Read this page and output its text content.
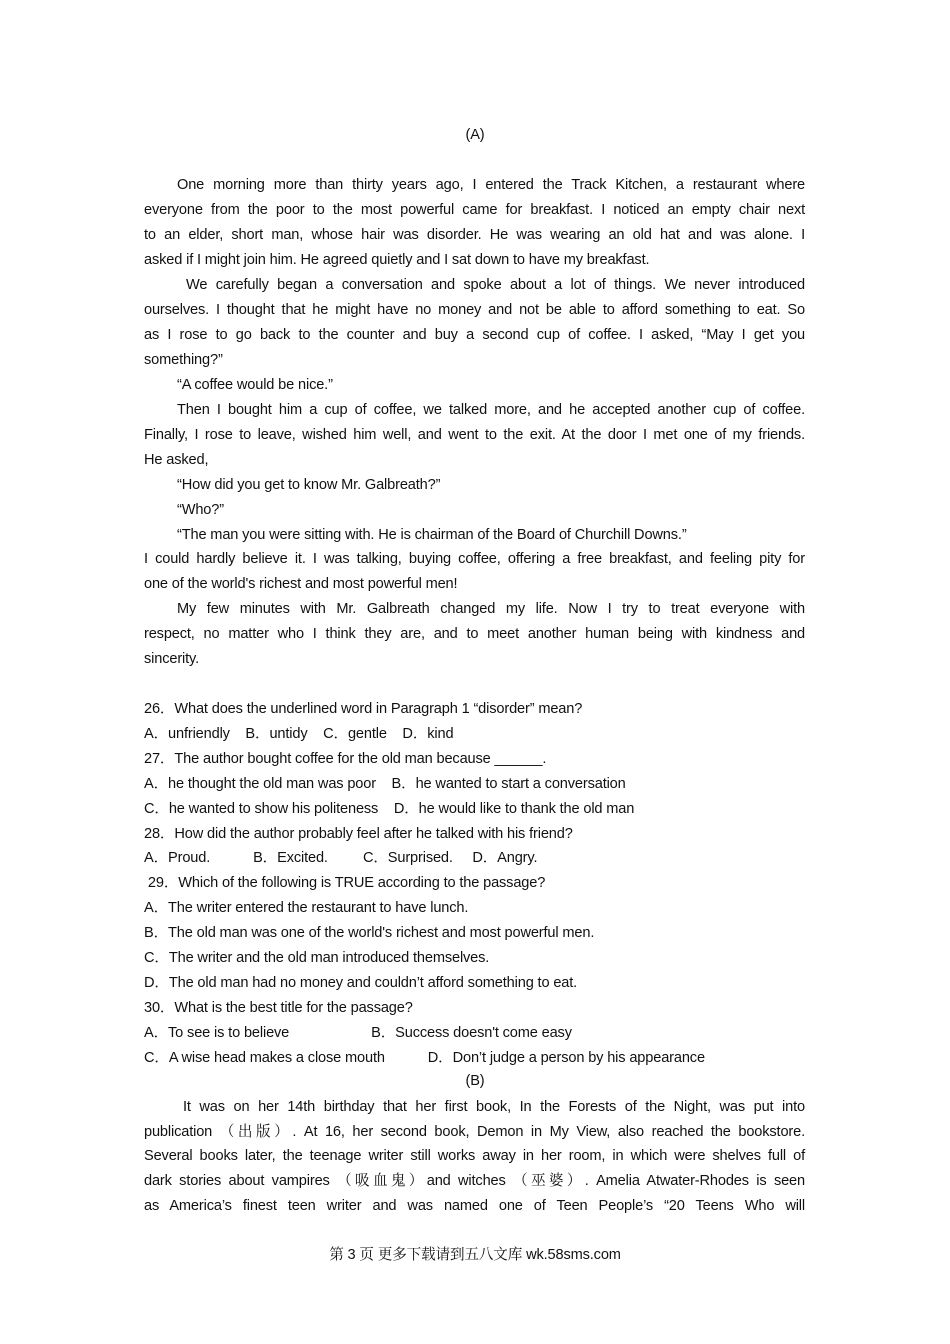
(A)
One morning more than thirty years ago, I entered the Track Kitchen, a restaurant where
everyone from the poor to the most powerful came for breakfast. I noticed an empty chair next
to an elder, short man, whose hair was disorder. He was wearing an old hat and was alone. I
asked if I might join him. He agreed quietly and I sat down to have my breakfast.
We carefully began a conversation and spoke about a lot of things. We never introduced
ourselves. I thought that he might have no money and not be able to afford something to eat. So
as I rose to go back to the counter and buy a second cup of coffee. I asked, “May I get you
something?”
“A coffee would be nice.”
Then I bought him a cup of coffee, we talked more, and he accepted another cup of coffee.
Finally, I rose to leave, wished him well, and went to the exit. At the door I met one of my friends.
He asked,
“How did you get to know Mr. Galbreath?”
“Who?”
“The man you were sitting with. He is chairman of the Board of Churchill Downs.”
I could hardly believe it. I was talking, buying coffee, offering a free breakfast, and feeling pity for
one of the world's richest and most powerful men!
My few minutes with Mr. Galbreath changed my life. Now I try to treat everyone with
respect, no matter who I think they are, and to meet another human being with kindness and
sincerity.
26．What does the underlined word in Paragraph 1 “disorder” mean?
A．unfriendly    B．untidy    C．gentle    D．kind
27．The author bought coffee for the old man because ______.
A．he thought the old man was poor    B．he wanted to start a conversation
C．he wanted to show his politeness    D．he would like to thank the old man
28．How did the author probably feel after he talked with his friend?
A．Proud.           B．Excited.         C．Surprised.     D．Angry.
29．Which of the following is TRUE according to the passage?
A．The writer entered the restaurant to have lunch.
B．The old man was one of the world's richest and most powerful men.
C．The writer and the old man introduced themselves.
D．The old man had no money and couldn’t afford something to eat.
30．What is the best title for the passage?
A．To see is to believe                     B．Success doesn't come easy
C．A wise head makes a close mouth           D．Don’t judge a person by his appearance
(B)
It was on her 14th birthday that her first book, In the Forests of the Night, was put into
publication （出版）. At 16, her second book, Demon in My View, also reached the bookstore.
Several books later, the teenage writer still works away in her room, in which were shelves full of
dark stories about vampires （吸血鬼）and witches （巫婆）. Amelia Atwater-Rhodes is seen
as America’s finest teen writer and was named one of Teen People’s “20 Teens Who will
第 3 页 更多下载请到五八文库 wk.58sms.com
